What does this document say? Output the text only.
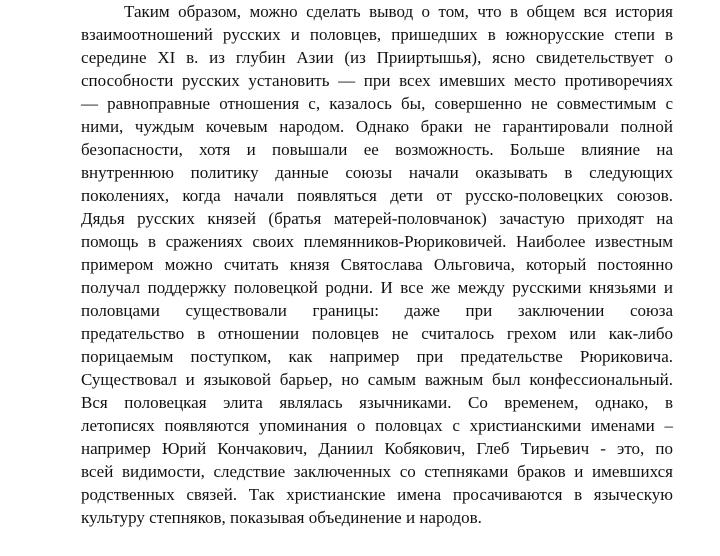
Таким образом, можно сделать вывод о том, что в общем вся история
взаимоотношений русских и половцев, пришедших в южнорусские степи в
середине XI в. из глубин Азии (из Прииртышья), ясно свидетельствует о
способности русских установить — при всех имевших место противоречиях
— равноправные отношения с, казалось бы, совершенно не совместимым с
ними, чуждым кочевым народом. Однако браки не гарантировали полной
безопасности, хотя и повышали ее возможность. Больше влияние на
внутреннюю политику данные союзы начали оказывать в следующих
поколениях, когда начали появляться дети от русско-половецких союзов.
Дядья русских князей (братья матерей-половчанок) зачастую приходят на
помощь в сражениях своих племянников-Рюриковичей. Наиболее известным
примером можно считать князя Святослава Ольговича, который постоянно
получал поддержку половецкой родни. И все же между русскими князьями и
половцами существовали границы: даже при заключении союза
предательство в отношении половцев не считалось грехом или как-либо
порицаемым поступком, как например при предательстве Рюриковича.
Существовал и языковой барьер, но самым важным был конфессиональный.
Вся половецкая элита являлась язычниками. Со временем, однако, в
летописях появляются упоминания о половцах с христианскими именами –
например Юрий Кончакович, Даниил Кобякович, Глеб Тирьевич - это, по
всей видимости, следствие заключенных со степняками браков и имевшихся
родственных связей. Так христианские имена просачиваются в языческую
культуру степняков, показывая объединение и народов.
